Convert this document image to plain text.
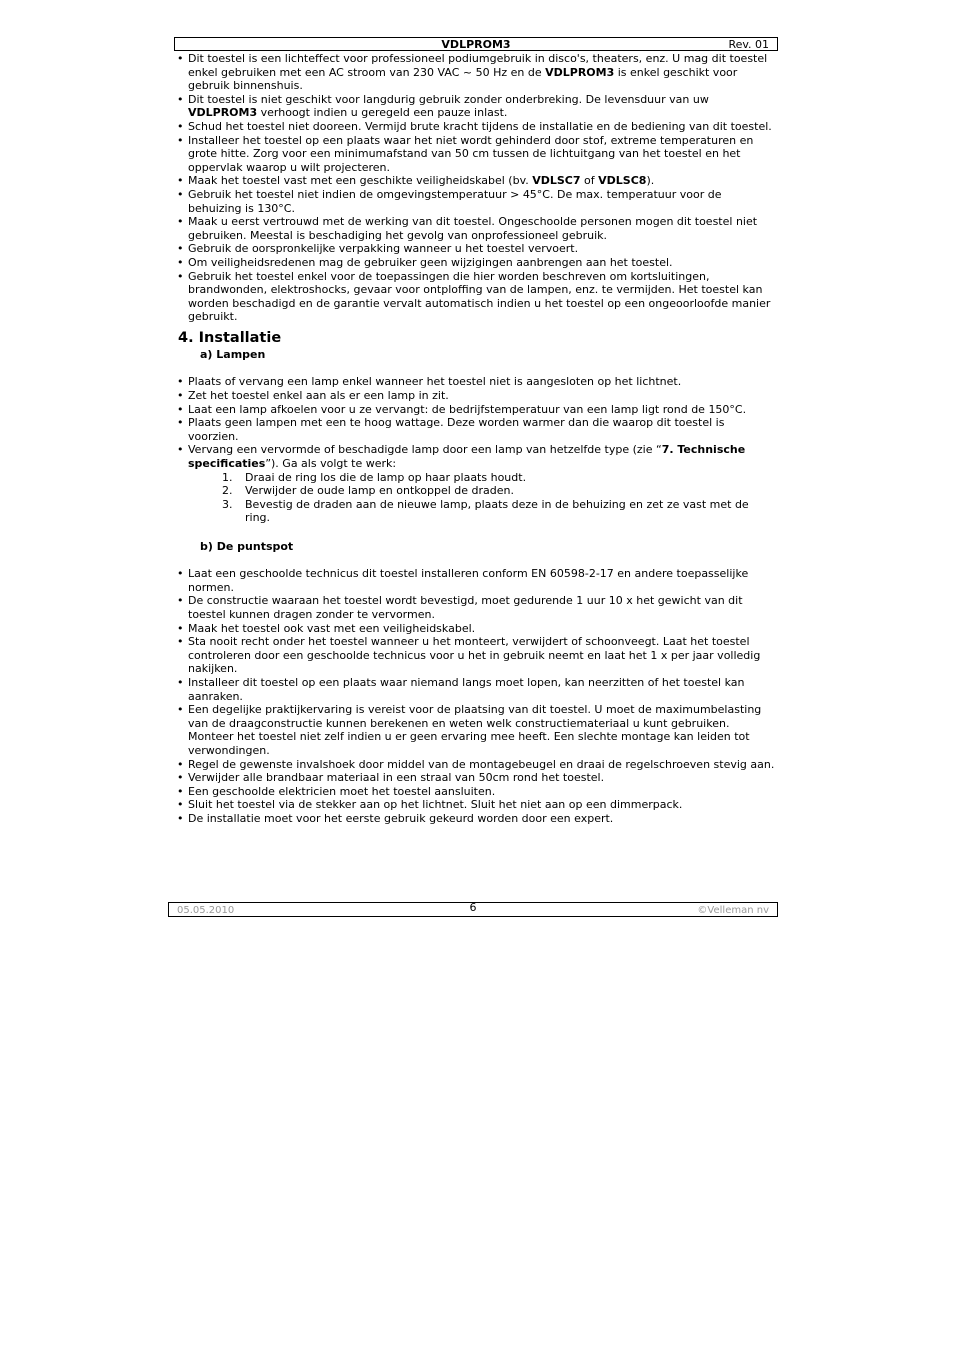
VDLPROM3	Rev. 01
• Dit toestel is een lichteffect voor professioneel podiumgebruik in disco's, theaters, enz. U mag dit toestel enkel gebruiken met een AC stroom van 230 VAC ~ 50 Hz en de VDLPROM3 is enkel geschikt voor gebruik binnenshuis.
• Dit toestel is niet geschikt voor langdurig gebruik zonder onderbreking. De levensduur van uw VDLPROM3 verhoogt indien u geregeld een pauze inlast.
• Schud het toestel niet dooreen. Vermijd brute kracht tijdens de installatie en de bediening van dit toestel.
• Installeer het toestel op een plaats waar het niet wordt gehinderd door stof, extreme temperaturen en grote hitte. Zorg voor een minimumafstand van 50 cm tussen de lichtuitgang van het toestel en het oppervlak waarop u wilt projecteren.
• Maak het toestel vast met een geschikte veiligheidskabel (bv. VDLSC7 of VDLSC8).
• Gebruik het toestel niet indien de omgevingstemperatuur > 45°C. De max. temperatuur voor de behuizing is 130°C.
• Maak u eerst vertrouwd met de werking van dit toestel. Ongeschoolde personen mogen dit toestel niet gebruiken. Meestal is beschadiging het gevolg van onprofessioneel gebruik.
• Gebruik de oorspronkelijke verpakking wanneer u het toestel vervoert.
• Om veiligheidsredenen mag de gebruiker geen wijzigingen aanbrengen aan het toestel.
• Gebruik het toestel enkel voor de toepassingen die hier worden beschreven om kortsluitingen, brandwonden, elektroshocks, gevaar voor ontploffing van de lampen, enz. te vermijden. Het toestel kan worden beschadigd en de garantie vervalt automatisch indien u het toestel op een ongeoorloofde manier gebruikt.
4. Installatie
a) Lampen
• Plaats of vervang een lamp enkel wanneer het toestel niet is aangesloten op het lichtnet.
• Zet het toestel enkel aan als er een lamp in zit.
• Laat een lamp afkoelen voor u ze vervangt: de bedrijfstemperatuur van een lamp ligt rond de 150°C.
• Plaats geen lampen met een te hoog wattage. Deze worden warmer dan die waarop dit toestel is voorzien.
• Vervang een vervormde of beschadigde lamp door een lamp van hetzelfde type (zie “7. Technische specificaties”). Ga als volgt te werk:
1. Draai de ring los die de lamp op haar plaats houdt.
2. Verwijder de oude lamp en ontkoppel de draden.
3. Bevestig de draden aan de nieuwe lamp, plaats deze in de behuizing en zet ze vast met de ring.
b) De puntspot
• Laat een geschoolde technicus dit toestel installeren conform EN 60598-2-17 en andere toepasselijke normen.
• De constructie waaraan het toestel wordt bevestigd, moet gedurende 1 uur 10 x het gewicht van dit toestel kunnen dragen zonder te vervormen.
• Maak het toestel ook vast met een veiligheidskabel.
• Sta nooit recht onder het toestel wanneer u het monteert, verwijdert of schoonveegt. Laat het toestel controleren door een geschoolde technicus voor u het in gebruik neemt en laat het 1 x per jaar volledig nakijken.
• Installeer dit toestel op een plaats waar niemand langs moet lopen, kan neerzitten of het toestel kan aanraken.
• Een degelijke praktijkervaring is vereist voor de plaatsing van dit toestel. U moet de maximumbelasting van de draagconstructie kunnen berekenen en weten welk constructiemateriaal u kunt gebruiken. Monteer het toestel niet zelf indien u er geen ervaring mee heeft. Een slechte montage kan leiden tot verwondingen.
• Regel de gewenste invalshoek door middel van de montagebeugel en draai de regelschroeven stevig aan.
• Verwijder alle brandbaar materiaal in een straal van 50cm rond het toestel.
• Een geschoolde elektricien moet het toestel aansluiten.
• Sluit het toestel via de stekker aan op het lichtnet. Sluit het niet aan op een dimmerpack.
• De installatie moet voor het eerste gebruik gekeurd worden door een expert.
05.05.2010	6	©Velleman nv
